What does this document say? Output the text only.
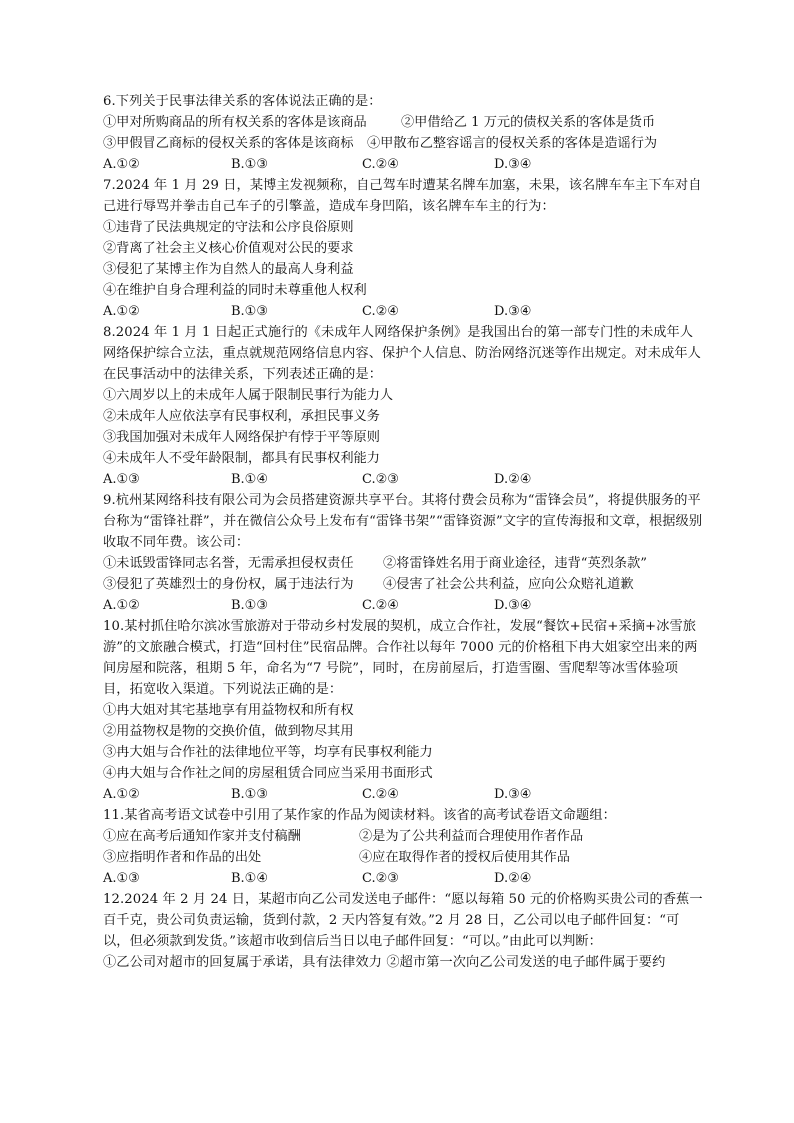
6.下列关于民事法律关系的客体说法正确的是：

①甲对所购商品的所有权关系的客体是该商品	②甲借给乙 1 万元的债权关系的客体是货币
③甲假冒乙商标的侵权关系的客体是该商标	④甲散布乙整容谣言的侵权关系的客体是造谣行为
A.①②	B.①③	C.②④	D.③④

7.2024 年 1 月 29 日，某博主发视频称，自己驾车时遭某名牌车加塞，未果，该名牌车车主下车对自己进行辱骂并拳击自己车子的引擎盖，造成车身凹陷，该名牌车车主的行为：

①违背了民法典规定的守法和公序良俗原则

②背离了社会主义核心价值观对公民的要求

③侵犯了某博主作为自然人的最高人身利益

④在维护自身合理利益的同时未尊重他人权利

A.①②	B.①③	C.②④	D.③④

8.2024 年 1 月 1 日起正式施行的《未成年人网络保护条例》是我国出台的第一部专门性的未成年人网络保护综合立法，重点就规范网络信息内容、保护个人信息、防治网络沉迷等作出规定。对未成年人在民事活动中的法律关系，下列表述正确的是：

①六周岁以上的未成年人属于限制民事行为能力人

②未成年人应依法享有民事权利，承担民事义务

③我国加强对未成年人网络保护有悖于平等原则

④未成年人不受年龄限制，都具有民事权利能力

A.①③	B.①④	C.②③	D.②④

9.杭州某网络科技有限公司为会员搭建资源共享平台。其将付费会员称为“雷锋会员”，将提供服务的平台称为“雷锋社群”，并在微信公众号上发布有“雷锋书架”“雷锋资源”文字的宣传海报和文章，根据级别收取不同年费。该公司：

①未诋毁雷锋同志名誉，无需承担侵权责任	②将雷锋姓名用于商业途径，违背“英烈条款”
③侵犯了英雄烈士的身份权，属于违法行为	④侵害了社会公共利益，应向公众赔礼道歉
A.①②	B.①③	C.②④	D.③④

10.某村抓住哈尔滨冰雪旅游对于带动乡村发展的契机，成立合作社，发展“餐饮+民宿+采摘+冰雪旅游”的文旅融合模式，打造“回村住”民宿品牌。合作社以每年 7000 元的价格租下冉大姐家空出来的两间房屋和院落，租期 5 年，命名为“7 号院”，同时，在房前屋后，打造雪圈、雪爬犁等冰雪体验项目，拓宽收入渠道。下列说法正确的是：

①冉大姐对其宅基地享有用益物权和所有权

②用益物权是物的交换价值，做到物尽其用

③冉大姐与合作社的法律地位平等，均享有民事权利能力

④冉大姐与合作社之间的房屋租赁合同应当采用书面形式

A.①②	B.①③	C.②④	D.③④

11.某省高考语文试卷中引用了某作家的作品为阅读材料。该省的高考试卷语文命题组：

①应在高考后通知作家并支付稿酬	②是为了公共利益而合理使用作者作品
③应指明作者和作品的出处	④应在取得作者的授权后使用其作品
A.①③	B.①④	C.②③	D.②④

12.2024 年 2 月 24 日，某超市向乙公司发送电子邮件：“愿以每箱 50 元的价格购买贵公司的香蕉一百千克，贵公司负责运输，货到付款，2 天内答复有效。”2 月 28 日，乙公司以电子邮件回复：“可以，但必须款到发货。”该超市收到信后当日以电子邮件回复：“可以。”由此可以判断：

①乙公司对超市的回复属于承诺，具有法律效力 ②超市第一次向乙公司发送的电子邮件属于要约
